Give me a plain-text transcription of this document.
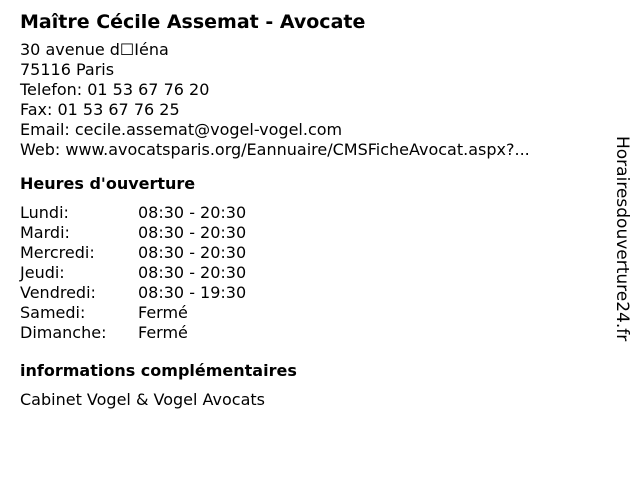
Maître Cécile Assemat - Avocate
30 avenue d☐Iéna
75116 Paris
Telefon: 01 53 67 76 20
Fax: 01 53 67 76 25
Email: cecile.assemat@vogel-vogel.com
Web: www.avocatsparis.org/Eannuaire/CMSFicheAvocat.aspx?...
Heures d'ouverture
Lundi:	08:30 - 20:30
Mardi:	08:30 - 20:30
Mercredi:	08:30 - 20:30
Jeudi:	08:30 - 20:30
Vendredi:	08:30 - 19:30
Samedi:	Fermé
Dimanche:	Fermé
informations complémentaires
Cabinet Vogel & Vogel Avocats
Horairesdouverture24.fr
